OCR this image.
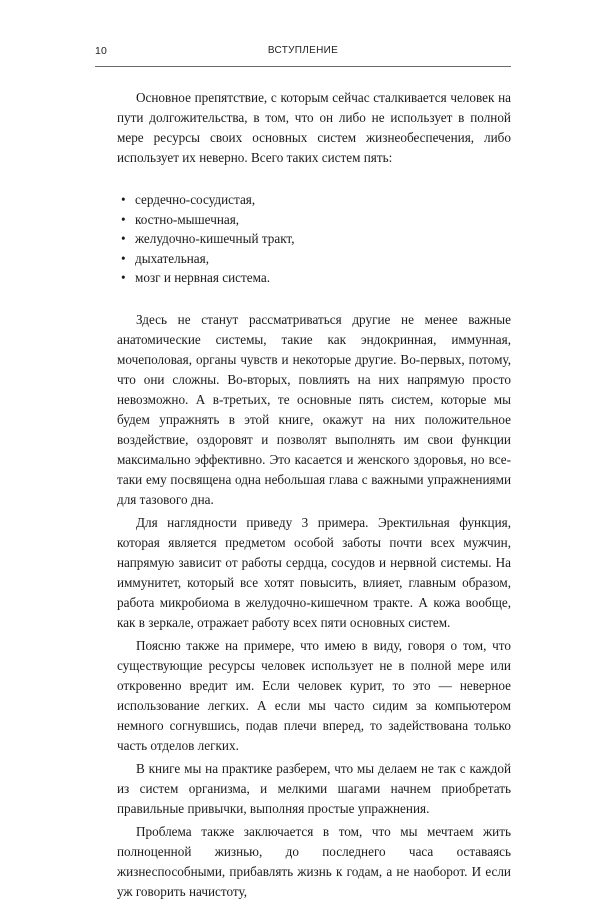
10	ВСТУПЛЕНИЕ

Основное препятствие, с которым сейчас сталкивается человек на пути долгожительства, в том, что он либо не использует в полной мере ресурсы своих основных систем жизнеобеспечения, либо использует их неверно. Всего таких систем пять:

• сердечно-сосудистая,
• костно-мышечная,
• желудочно-кишечный тракт,
• дыхательная,
• мозг и нервная система.

Здесь не станут рассматриваться другие не менее важные анатомические системы, такие как эндокринная, иммунная, мочеполовая, органы чувств и некоторые другие. Во-первых, потому, что они сложны. Во-вторых, повлиять на них напрямую просто невозможно. А в-третьих, те основные пять систем, которые мы будем упражнять в этой книге, окажут на них положительное воздействие, оздоровят и позволят выполнять им свои функции максимально эффективно. Это касается и женского здоровья, но все-таки ему посвящена одна небольшая глава с важными упражнениями для тазового дна.

Для наглядности приведу 3 примера. Эректильная функция, которая является предметом особой заботы почти всех мужчин, напрямую зависит от работы сердца, сосудов и нервной системы. На иммунитет, который все хотят повысить, влияет, главным образом, работа микробиома в желудочно-кишечном тракте. А кожа вообще, как в зеркале, отражает работу всех пяти основных систем.

Поясню также на примере, что имею в виду, говоря о том, что существующие ресурсы человек использует не в полной мере или откровенно вредит им. Если человек курит, то это — неверное использование легких. А если мы часто сидим за компьютером немного согнувшись, подав плечи вперед, то задействована только часть отделов легких.

В книге мы на практике разберем, что мы делаем не так с каждой из систем организма, и мелкими шагами начнем приобретать правильные привычки, выполняя простые упражнения.

Проблема также заключается в том, что мы мечтаем жить полноценной жизнью, до последнего часа оставаясь жизнеспособными, прибавлять жизнь к годам, а не наоборот. И если уж говорить начистоту,
